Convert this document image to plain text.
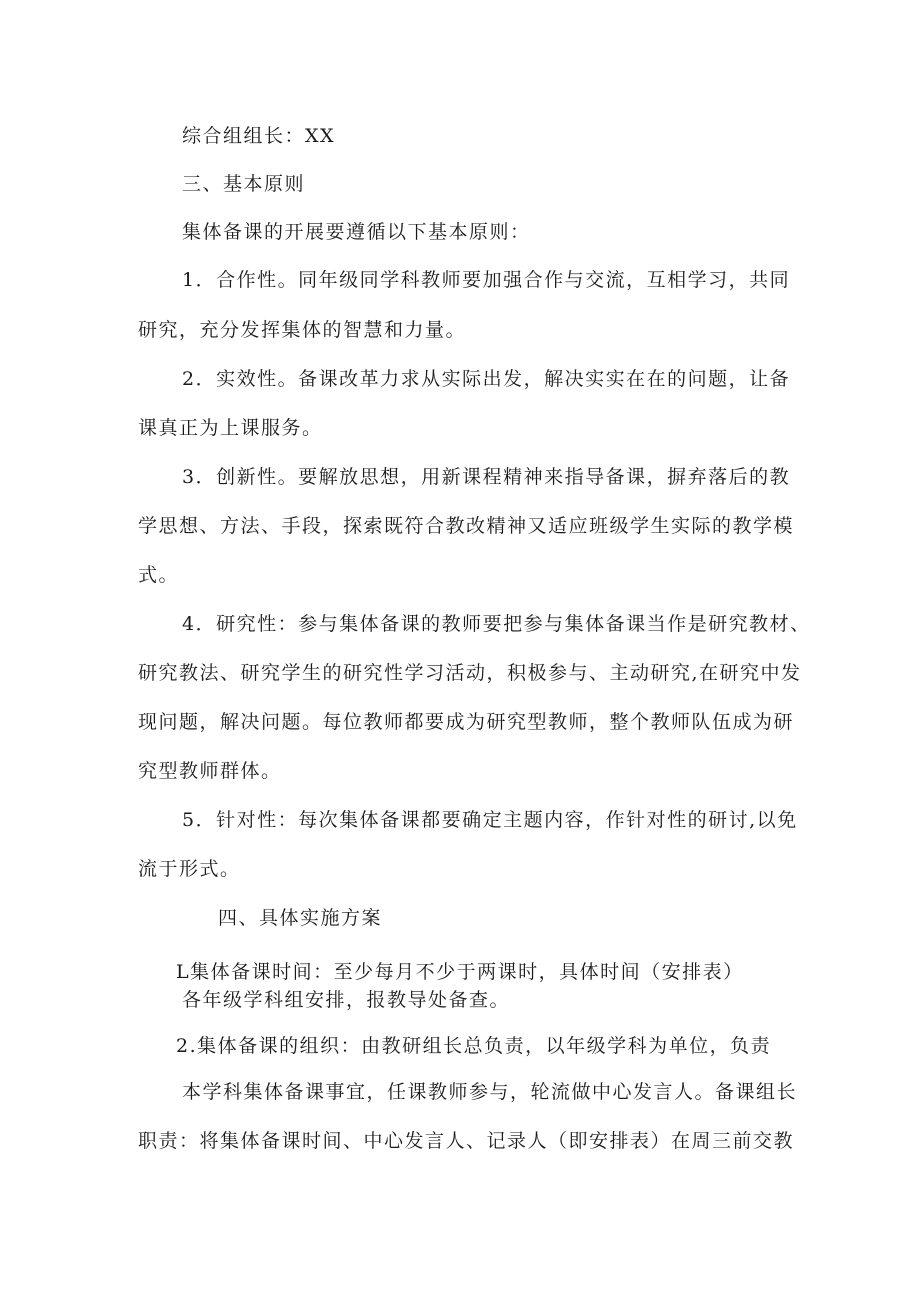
综合组组长：XX
三、基本原则
集体备课的开展要遵循以下基本原则：
1．合作性。同年级同学科教师要加强合作与交流，互相学习，共同
研究，充分发挥集体的智慧和力量。
2．实效性。备课改革力求从实际出发，解决实实在在的问题，让备
课真正为上课服务。
3．创新性。要解放思想，用新课程精神来指导备课，摒弃落后的教
学思想、方法、手段，探索既符合教改精神又适应班级学生实际的教学模
式。
4．研究性：参与集体备课的教师要把参与集体备课当作是研究教材、
研究教法、研究学生的研究性学习活动，积极参与、主动研究,在研究中发
现问题，解决问题。每位教师都要成为研究型教师，整个教师队伍成为研
究型教师群体。
5．针对性：每次集体备课都要确定主题内容，作针对性的研讨,以免
流于形式。
四、具体实施方案
L集体备课时间：至少每月不少于两课时，具体时间（安排表）
各年级学科组安排，报教导处备查。
2.集体备课的组织：由教研组长总负责，以年级学科为单位，负责
本学科集体备课事宜，任课教师参与，轮流做中心发言人。备课组长
职责：将集体备课时间、中心发言人、记录人（即安排表）在周三前交教
